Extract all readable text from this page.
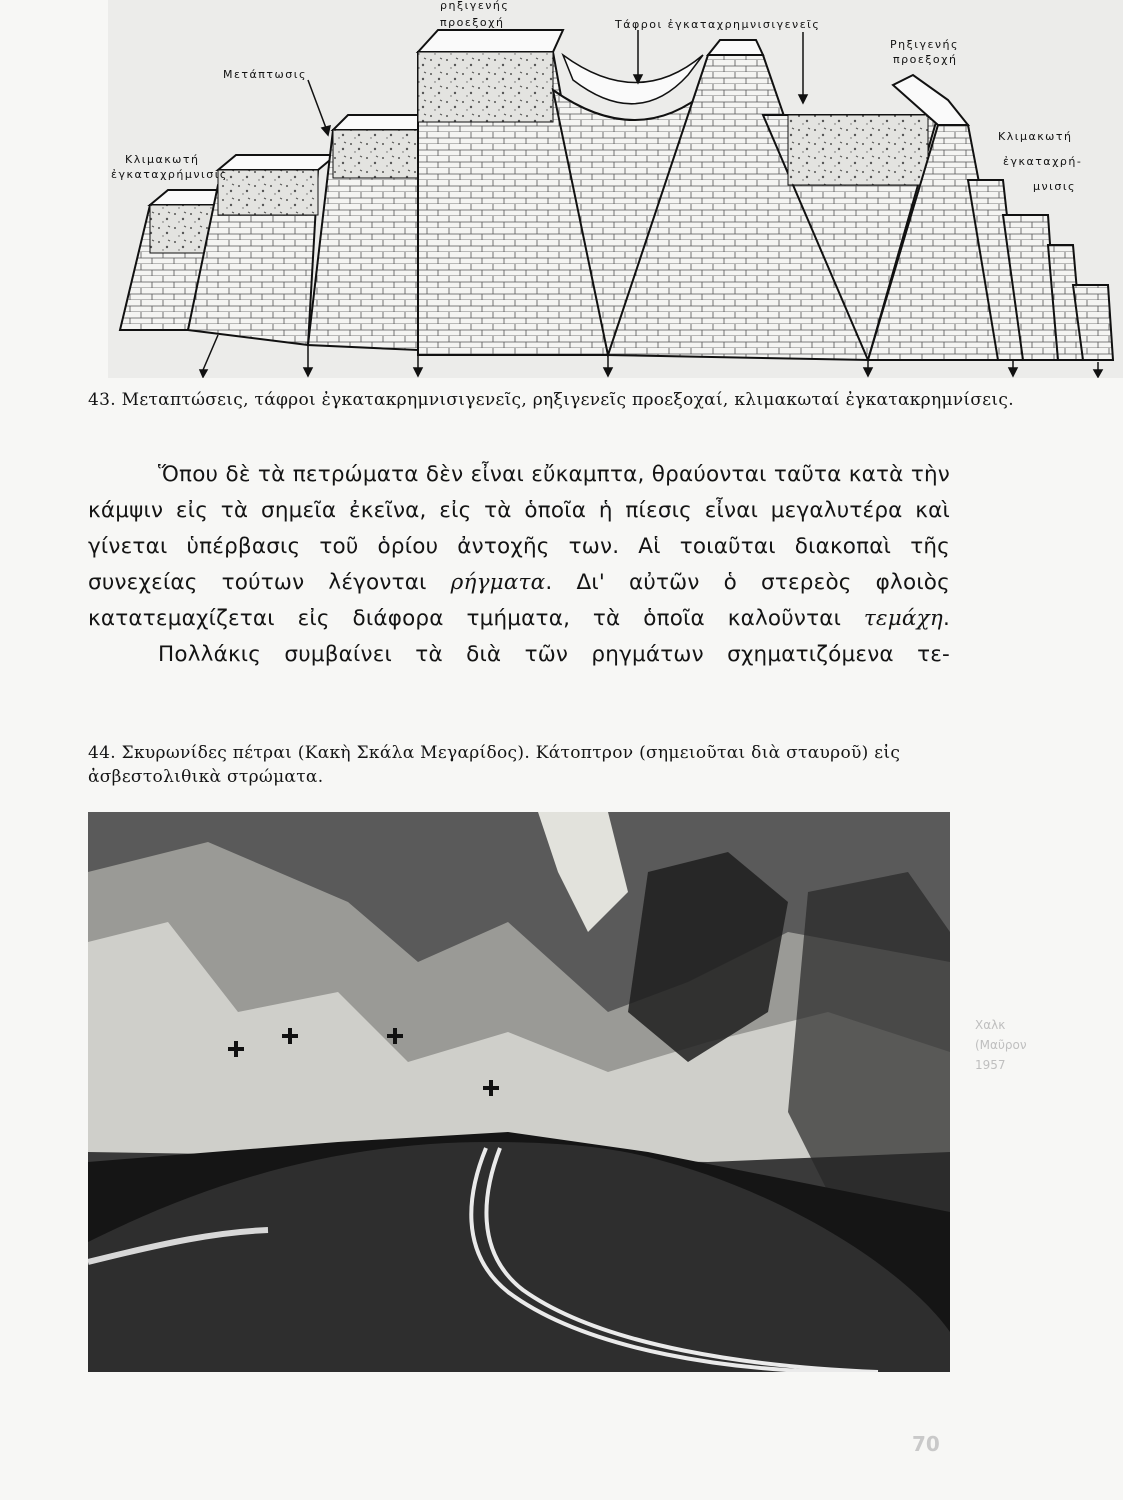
ρηξιγενής
προεξοχή	Τάφροι ἐγκαταχρημνισιγενεῖς
Ρηξιγενής
προεξοχή
Μετάπτωσις
Κλιμακωτή
ἐγκαταχρήμνισις
Κλιμακωτή
ἐγκαταχρή-
μνισις
43. Μεταπτώσεις, τάφροι ἐγκατακρημνισιγενεῖς, ρηξιγενεῖς προεξοχαί, κλιμακωταί ἐγκατακρημνίσεις.

Ὅπου δὲ τὰ πετρώματα δὲν εἶναι εὔκαμπτα, θραύονται ταῦτα κατὰ τὴν κάμψιν εἰς τὰ σημεῖα ἐκεῖνα, εἰς τὰ ὁποῖα ἡ πίεσις εἶναι μεγαλυτέρα καὶ γίνεται ὑπέρβασις τοῦ ὁρίου ἀντοχῆς των. Αἱ τοιαῦται διακοπαὶ τῆς συνεχείας τούτων λέγονται ρήγματα. Δι' αὐτῶν ὁ στερεὸς φλοιὸς κατατεμαχίζεται εἰς διάφορα τμήματα, τὰ ὁποῖα καλοῦνται τεμάχη.

Πολλάκις συμβαίνει τὰ διὰ τῶν ρηγμάτων σχηματιζόμενα τε-

44. Σκυρωνίδες πέτραι (Κακὴ Σκάλα Μεγαρίδος). Κάτοπτρον (σημειοῦται διὰ σταυροῦ) εἰς ἀσβεστολιθικὰ στρώματα.
Χαλκ
(Μαῦρον
1957
70
